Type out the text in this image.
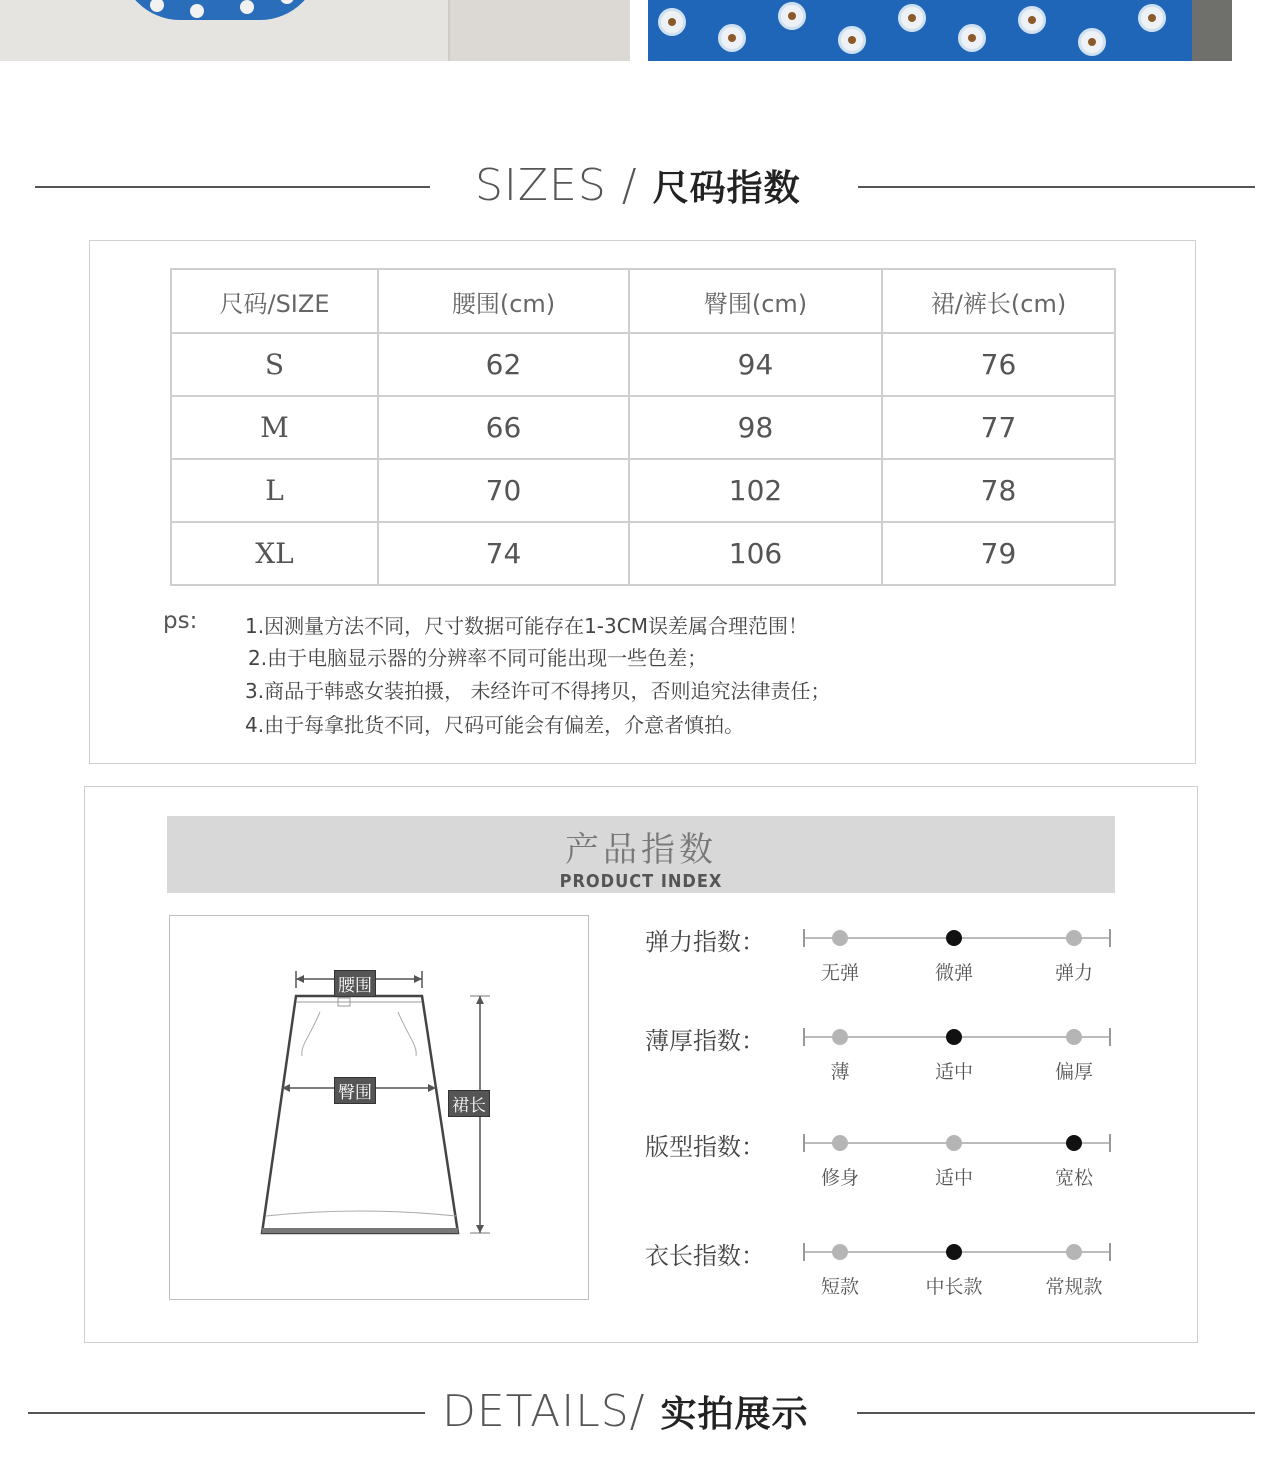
SIZES / 尺码指数
尺码/SIZE	腰围(cm)	臀围(cm)	裙/裤长(cm)
S	62	94	76
M	66	98	77
L	70	102	78
XL	74	106	79
ps: 1.因测量方法不同，尺寸数据可能存在1-3CM误差属合理范围！
2.由于电脑显示器的分辨率不同可能出现一些色差；
3.商品于韩惑女装拍摄， 未经许可不得拷贝，否则追究法律责任；
4.由于每拿批货不同，尺码可能会有偏差，介意者慎拍。
产品指数
PRODUCT INDEX
腰围
臀围
裙长
弹力指数：
无弹	微弹	弹力
薄厚指数：
薄	适中	偏厚
版型指数：
修身	适中	宽松
衣长指数：
短款	中长款	常规款
DETAILS/ 实拍展示
